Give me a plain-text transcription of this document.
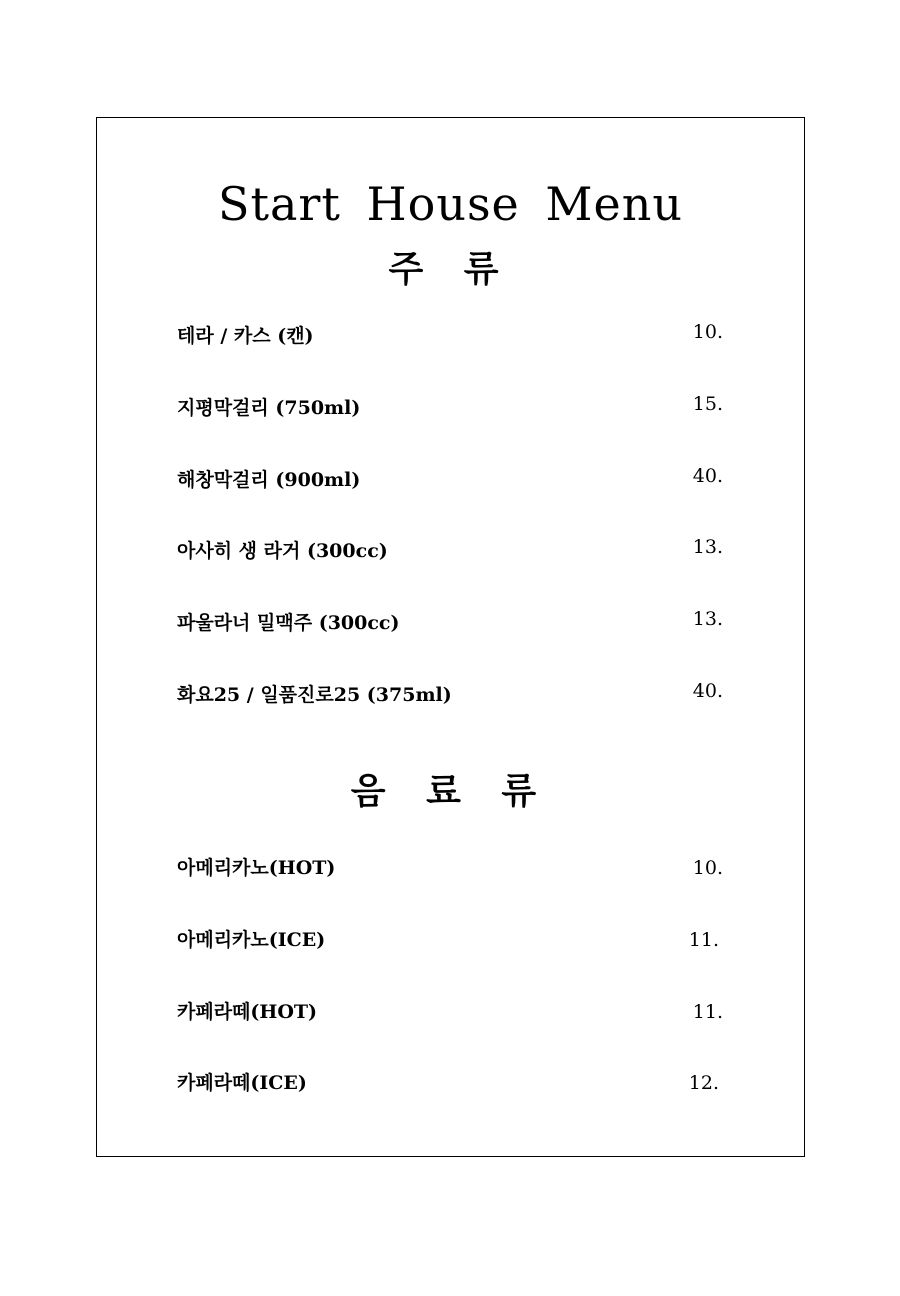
Start House Menu
주 류
테라 / 카스 (캔)	10.
지평막걸리 (750ml)	15.
해창막걸리 (900ml)	40.
아사히 생 라거 (300cc)	13.
파울라너 밀맥주 (300cc)	13.
화요25 / 일품진로25 (375ml)	40.
음 료 류
아메리카노(HOT)	10.
아메리카노(ICE)	11.
카페라떼(HOT)	11.
카페라떼(ICE)	12.
